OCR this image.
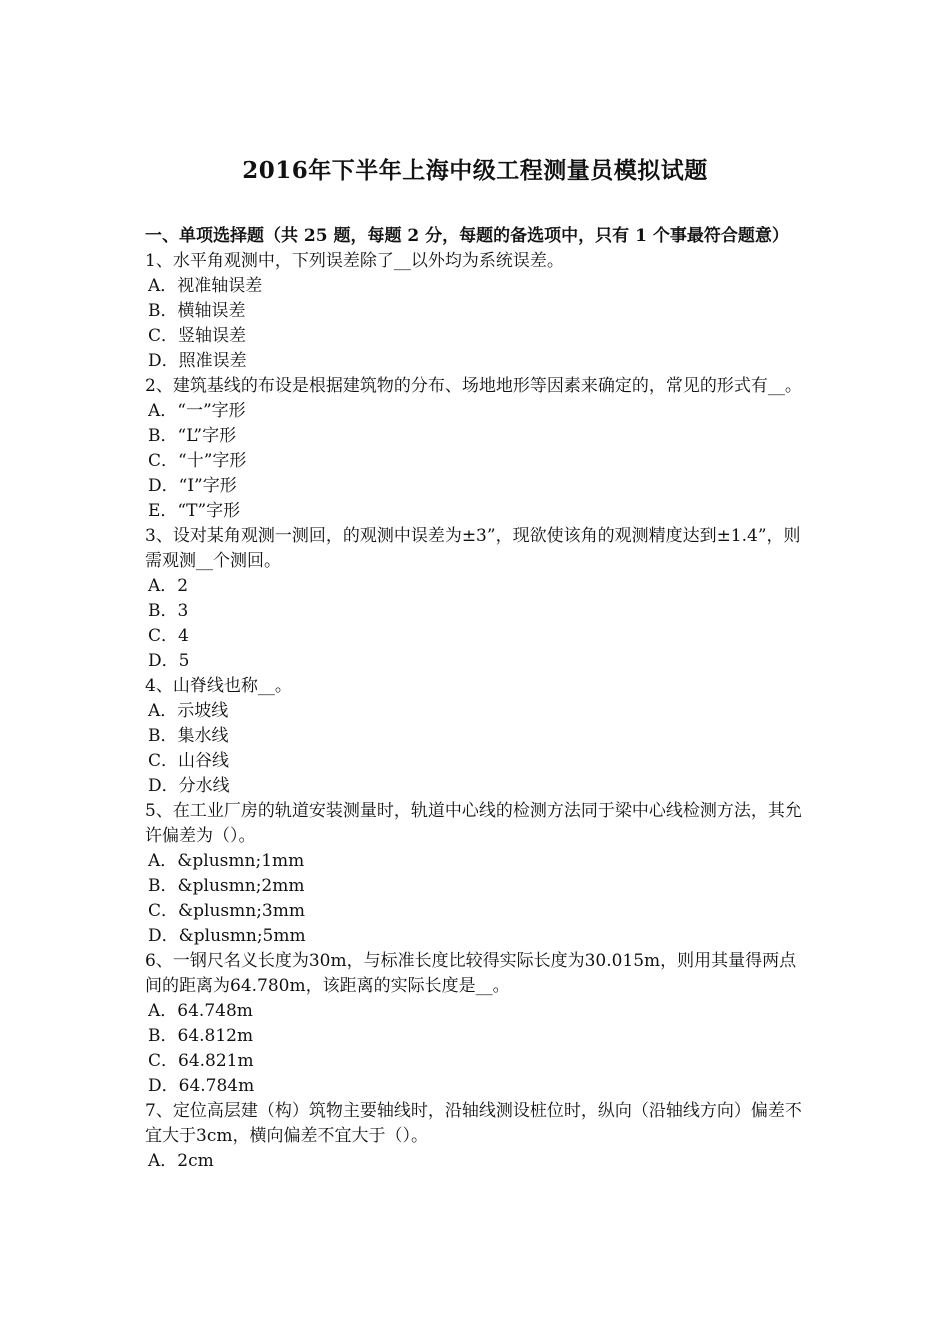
2016年下半年上海中级工程测量员模拟试题
一、单项选择题（共 25 题，每题 2 分，每题的备选项中，只有 1 个事最符合题意）
1、水平角观测中，下列误差除了__以外均为系统误差。
A．视准轴误差
B．横轴误差
C．竖轴误差
D．照准误差
2、建筑基线的布设是根据建筑物的分布、场地地形等因素来确定的，常见的形式有__。
A．“一”字形
B．“L”字形
C．“十”字形
D．“I”字形
E．“T”字形
3、设对某角观测一测回，的观测中误差为±3”，现欲使该角的观测精度达到±1.4”，则需观测__个测回。
A．2
B．3
C．4
D．5
4、山脊线也称__。
A．示坡线
B．集水线
C．山谷线
D．分水线
5、在工业厂房的轨道安装测量时，轨道中心线的检测方法同于梁中心线检测方法，其允许偏差为（）。
A．&plusmn;1mm
B．&plusmn;2mm
C．&plusmn;3mm
D．&plusmn;5mm
6、一钢尺名义长度为30m，与标准长度比较得实际长度为30.015m，则用其量得两点间的距离为64.780m，该距离的实际长度是__。
A．64.748m
B．64.812m
C．64.821m
D．64.784m
7、定位高层建（构）筑物主要轴线时，沿轴线测设桩位时，纵向（沿轴线方向）偏差不宜大于3cm，横向偏差不宜大于（）。
A．2cm
